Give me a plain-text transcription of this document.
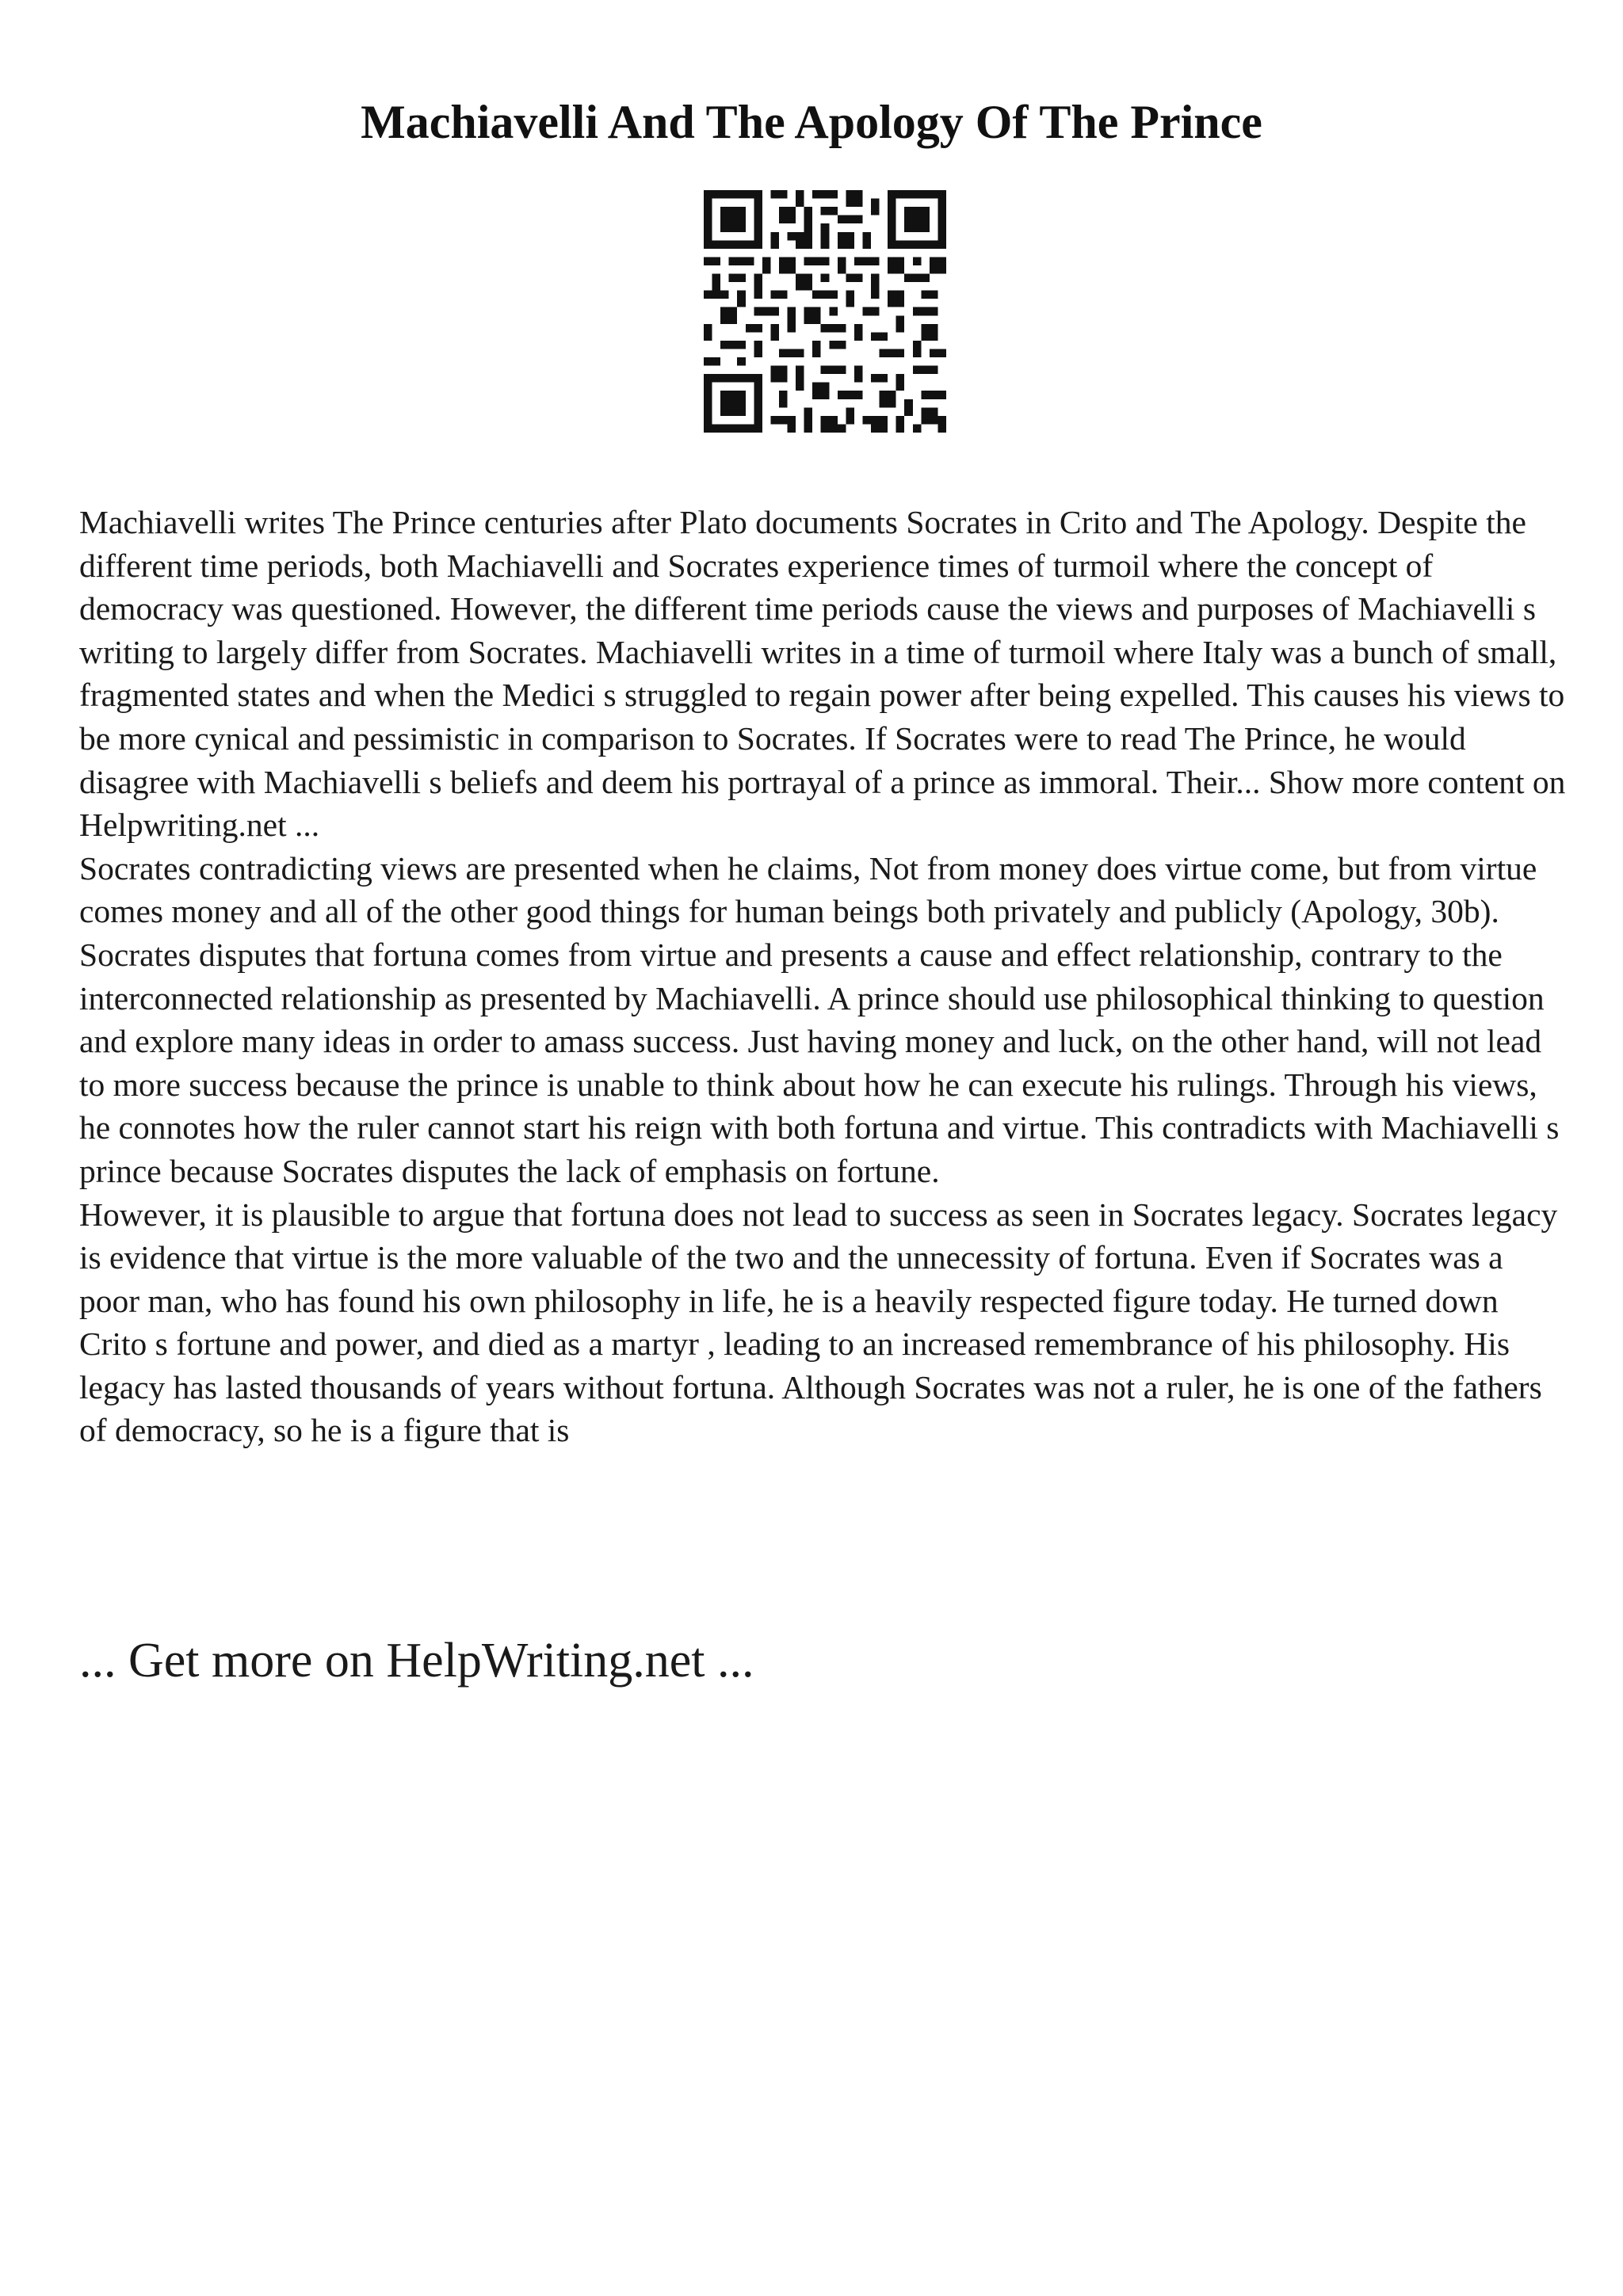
Machiavelli And The Apology Of The Prince

Machiavelli writes The Prince centuries after Plato documents Socrates in Crito and The Apology. Despite the different time periods, both Machiavelli and Socrates experience times of turmoil where the concept of democracy was questioned. However, the different time periods cause the views and purposes of Machiavelli s writing to largely differ from Socrates. Machiavelli writes in a time of turmoil where Italy was a bunch of small, fragmented states and when the Medici s struggled to regain power after being expelled. This causes his views to be more cynical and pessimistic in comparison to Socrates. If Socrates were to read The Prince, he would disagree with Machiavelli s beliefs and deem his portrayal of a prince as immoral. Their... Show more content on Helpwriting.net ...

Socrates contradicting views are presented when he claims, Not from money does virtue come, but from virtue comes money and all of the other good things for human beings both privately and publicly (Apology, 30b). Socrates disputes that fortuna comes from virtue and presents a cause and effect relationship, contrary to the interconnected relationship as presented by Machiavelli. A prince should use philosophical thinking to question and explore many ideas in order to amass success. Just having money and luck, on the other hand, will not lead to more success because the prince is unable to think about how he can execute his rulings. Through his views, he connotes how the ruler cannot start his reign with both fortuna and virtue. This contradicts with Machiavelli s prince because Socrates disputes the lack of emphasis on fortune.

However, it is plausible to argue that fortuna does not lead to success as seen in Socrates legacy. Socrates legacy is evidence that virtue is the more valuable of the two and the unnecessity of fortuna. Even if Socrates was a poor man, who has found his own philosophy in life, he is a heavily respected figure today. He turned down Crito s fortune and power, and died as a martyr , leading to an increased remembrance of his philosophy. His legacy has lasted thousands of years without fortuna. Although Socrates was not a ruler, he is one of the fathers of democracy, so he is a figure that is

... Get more on HelpWriting.net ...
